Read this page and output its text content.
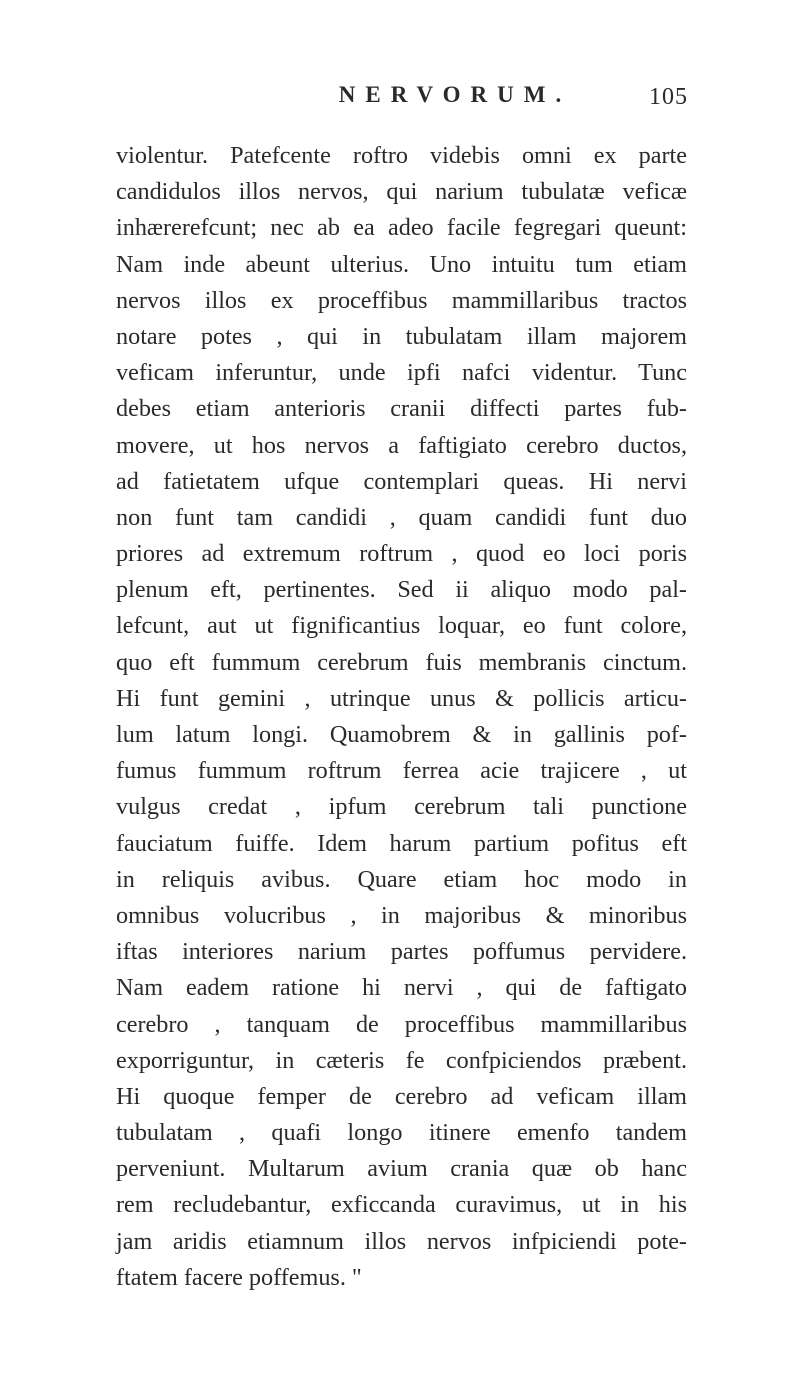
NERVORUM.	105
violentur. Patefcente roftro videbis omni ex parte
candidulos illos nervos, qui narium tubulatæ veficæ
inhærerefcunt; nec ab ea adeo facile fegregari queunt:
Nam inde abeunt ulterius. Uno intuitu tum etiam
nervos illos ex proceffibus mammillaribus tractos
notare potes , qui in tubulatam illam majorem
veficam inferuntur, unde ipfi nafci videntur. Tunc
debes etiam anterioris cranii diffecti partes fub-
movere, ut hos nervos a faftigiato cerebro ductos,
ad fatietatem ufque contemplari queas. Hi nervi
non funt tam candidi , quam candidi funt duo
priores ad extremum roftrum , quod eo loci poris
plenum eft, pertinentes. Sed ii aliquo modo pal-
lefcunt, aut ut fignificantius loquar, eo funt colore,
quo eft fummum cerebrum fuis membranis cinctum.
Hi funt gemini , utrinque unus & pollicis articu-
lum latum longi. Quamobrem & in gallinis pof-
fumus fummum roftrum ferrea acie trajicere , ut
vulgus credat , ipfum cerebrum tali punctione
fauciatum fuiffe. Idem harum partium pofitus eft
in reliquis avibus. Quare etiam hoc modo in
omnibus volucribus , in majoribus & minoribus
iftas interiores narium partes poffumus pervidere.
Nam eadem ratione hi nervi , qui de faftigato
cerebro , tanquam de proceffibus mammillaribus
exporriguntur, in cæteris fe confpiciendos præbent.
Hi quoque femper de cerebro ad veficam illam
tubulatam , quafi longo itinere emenfo tandem
perveniunt. Multarum avium crania quæ ob hanc
rem recludebantur, exficcanda curavimus, ut in his
jam aridis etiamnum illos nervos infpiciendi pote-
ftatem facere poffemus. "
